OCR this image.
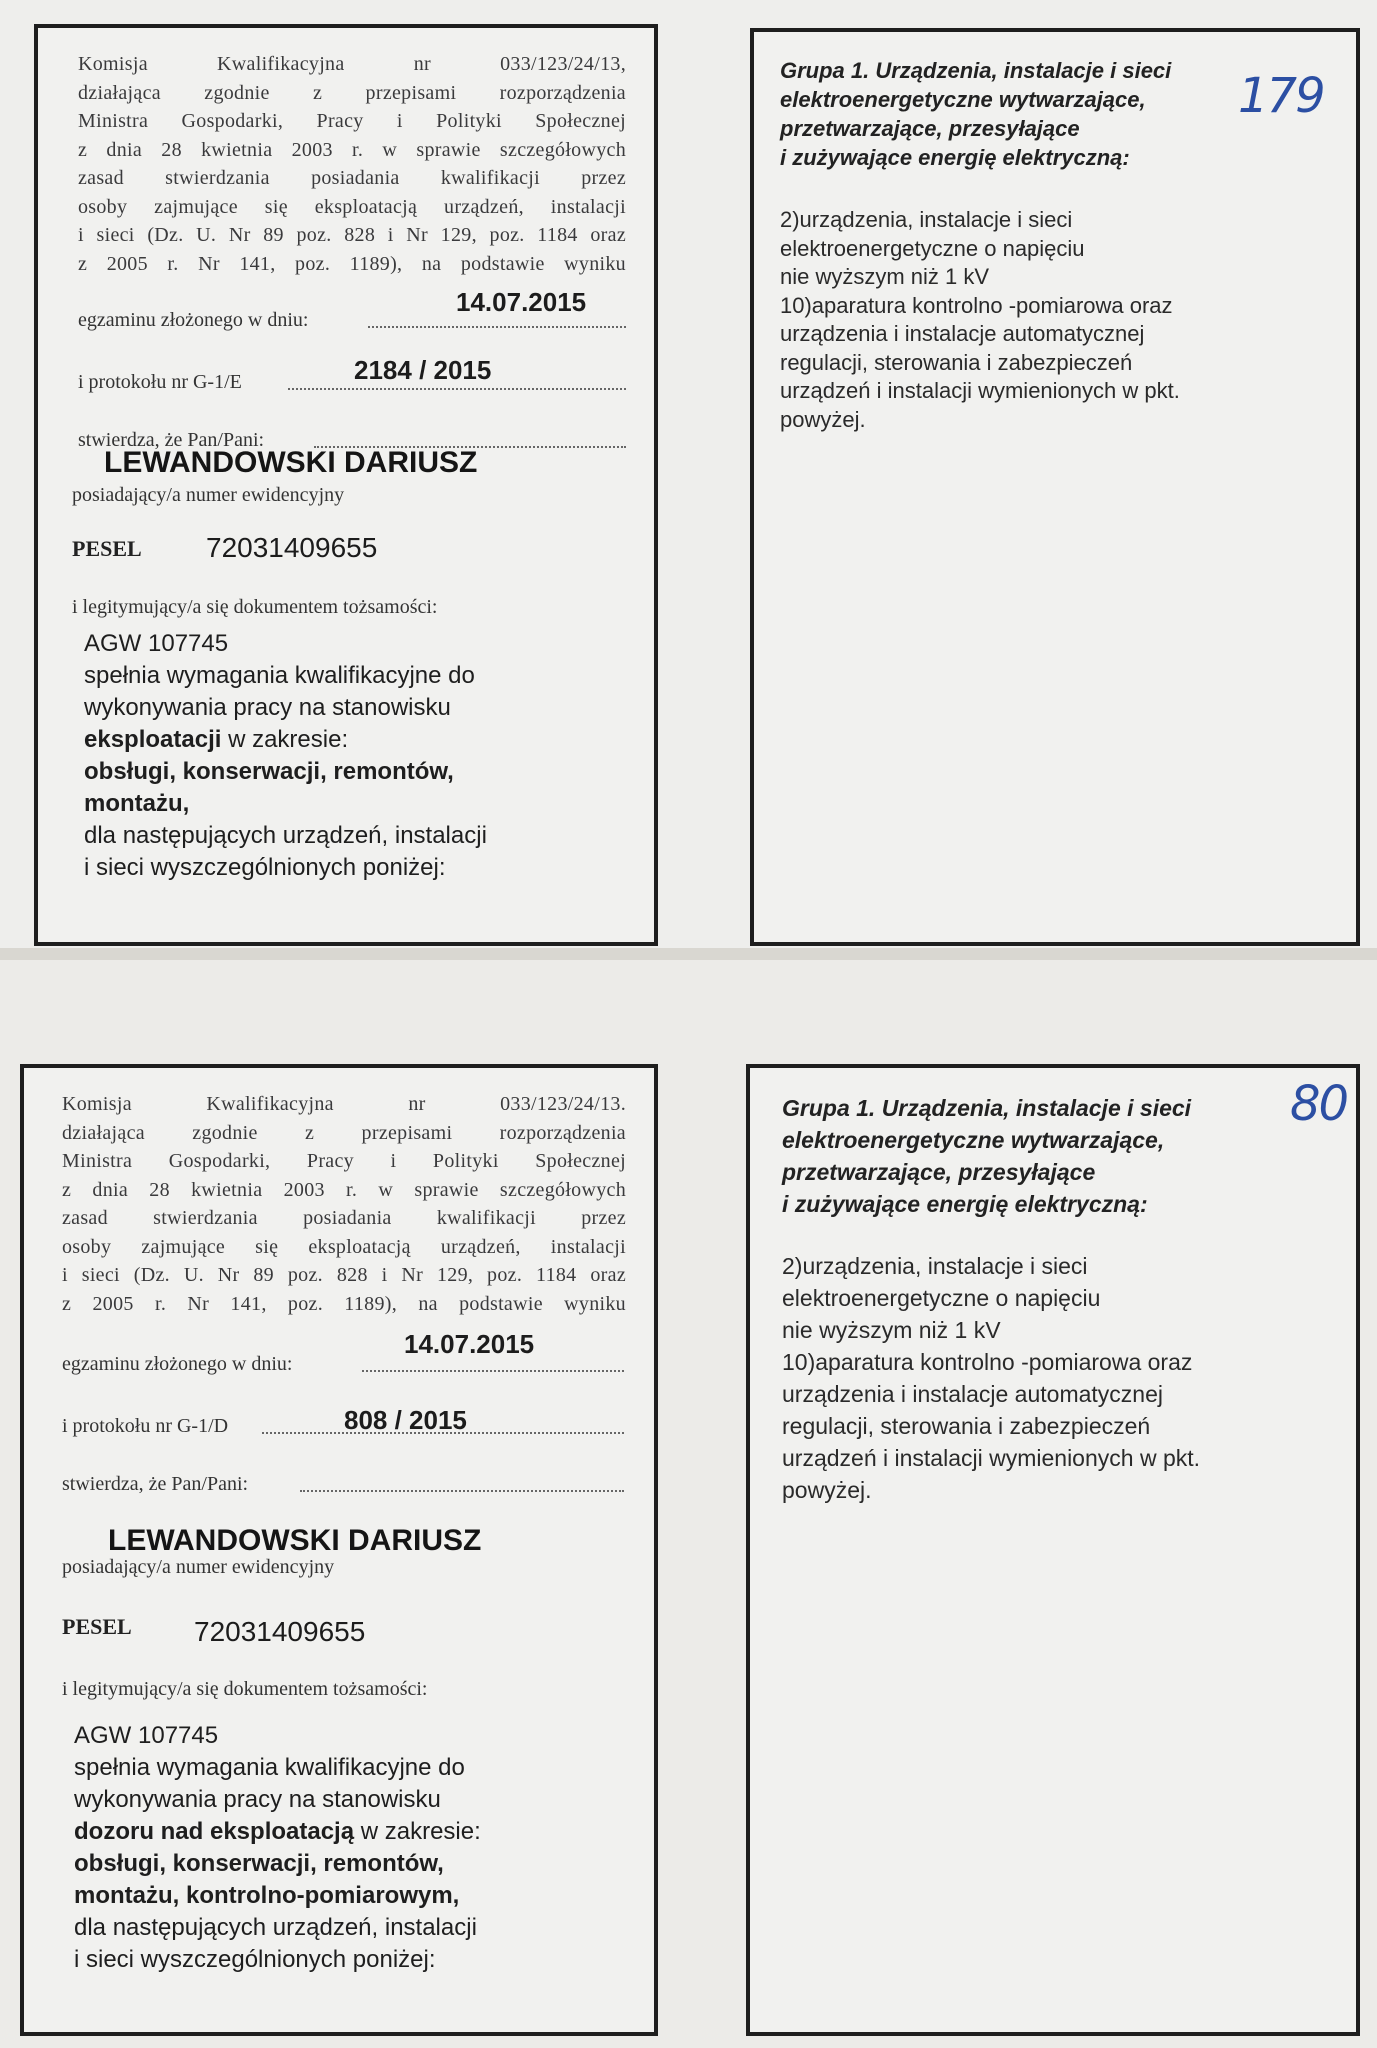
Komisja Kwalifikacyjna nr 033/123/24/13,
działająca zgodnie z przepisami rozporządzenia
Ministra Gospodarki, Pracy i Polityki Społecznej
z dnia 28 kwietnia 2003 r. w sprawie szczegółowych
zasad stwierdzania posiadania kwalifikacji przez
osoby zajmujące się eksploatacją urządzeń, instalacji
i sieci (Dz. U. Nr 89 poz. 828 i Nr 129, poz. 1184 oraz
z 2005 r. Nr 141, poz. 1189), na podstawie wyniku
egzaminu złożonego w dniu:
14.07.2015
i protokołu nr G-1/E	2184 / 2015
stwierdza, że Pan/Pani:
LEWANDOWSKI DARIUSZ
posiadający/a numer ewidencyjny
PESEL 72031409655
i legitymujący/a się dokumentem tożsamości:
AGW 107745
spełnia wymagania kwalifikacyjne do
wykonywania pracy na stanowisku
eksploatacji w zakresie:
obsługi, konserwacji, remontów,
montażu,
dla następujących urządzeń, instalacji
i sieci wyszczególnionych poniżej:
Grupa 1. Urządzenia, instalacje i sieci
elektroenergetyczne wytwarzające,
przetwarzające, przesyłające
i zużywające energię elektryczną:
2)urządzenia, instalacje i sieci
elektroenergetyczne o napięciu
nie wyższym niż 1 kV
10)aparatura kontrolno -pomiarowa oraz
urządzenia i instalacje automatycznej
regulacji, sterowania i zabezpieczeń
urządzeń i instalacji wymienionych w pkt.
powyżej.
179
Komisja Kwalifikacyjna nr 033/123/24/13.
działająca zgodnie z przepisami rozporządzenia
Ministra Gospodarki, Pracy i Polityki Społecznej
z dnia 28 kwietnia 2003 r. w sprawie szczegółowych
zasad stwierdzania posiadania kwalifikacji przez
osoby zajmujące się eksploatacją urządzeń, instalacji
i sieci (Dz. U. Nr 89 poz. 828 i Nr 129, poz. 1184 oraz
z 2005 r. Nr 141, poz. 1189), na podstawie wyniku
egzaminu złożonego w dniu:
14.07.2015
i protokołu nr G-1/D	808 / 2015
stwierdza, że Pan/Pani:
LEWANDOWSKI DARIUSZ
posiadający/a numer ewidencyjny
PESEL 72031409655
i legitymujący/a się dokumentem tożsamości:
AGW 107745
spełnia wymagania kwalifikacyjne do
wykonywania pracy na stanowisku
dozoru nad eksploatacją w zakresie:
obsługi, konserwacji, remontów,
montażu, kontrolno-pomiarowym,
dla następujących urządzeń, instalacji
i sieci wyszczególnionych poniżej:
Grupa 1. Urządzenia, instalacje i sieci
elektroenergetyczne wytwarzające,
przetwarzające, przesyłające
i zużywające energię elektryczną:
2)urządzenia, instalacje i sieci
elektroenergetyczne o napięciu
nie wyższym niż 1 kV
10)aparatura kontrolno -pomiarowa oraz
urządzenia i instalacje automatycznej
regulacji, sterowania i zabezpieczeń
urządzeń i instalacji wymienionych w pkt.
powyżej.
80
